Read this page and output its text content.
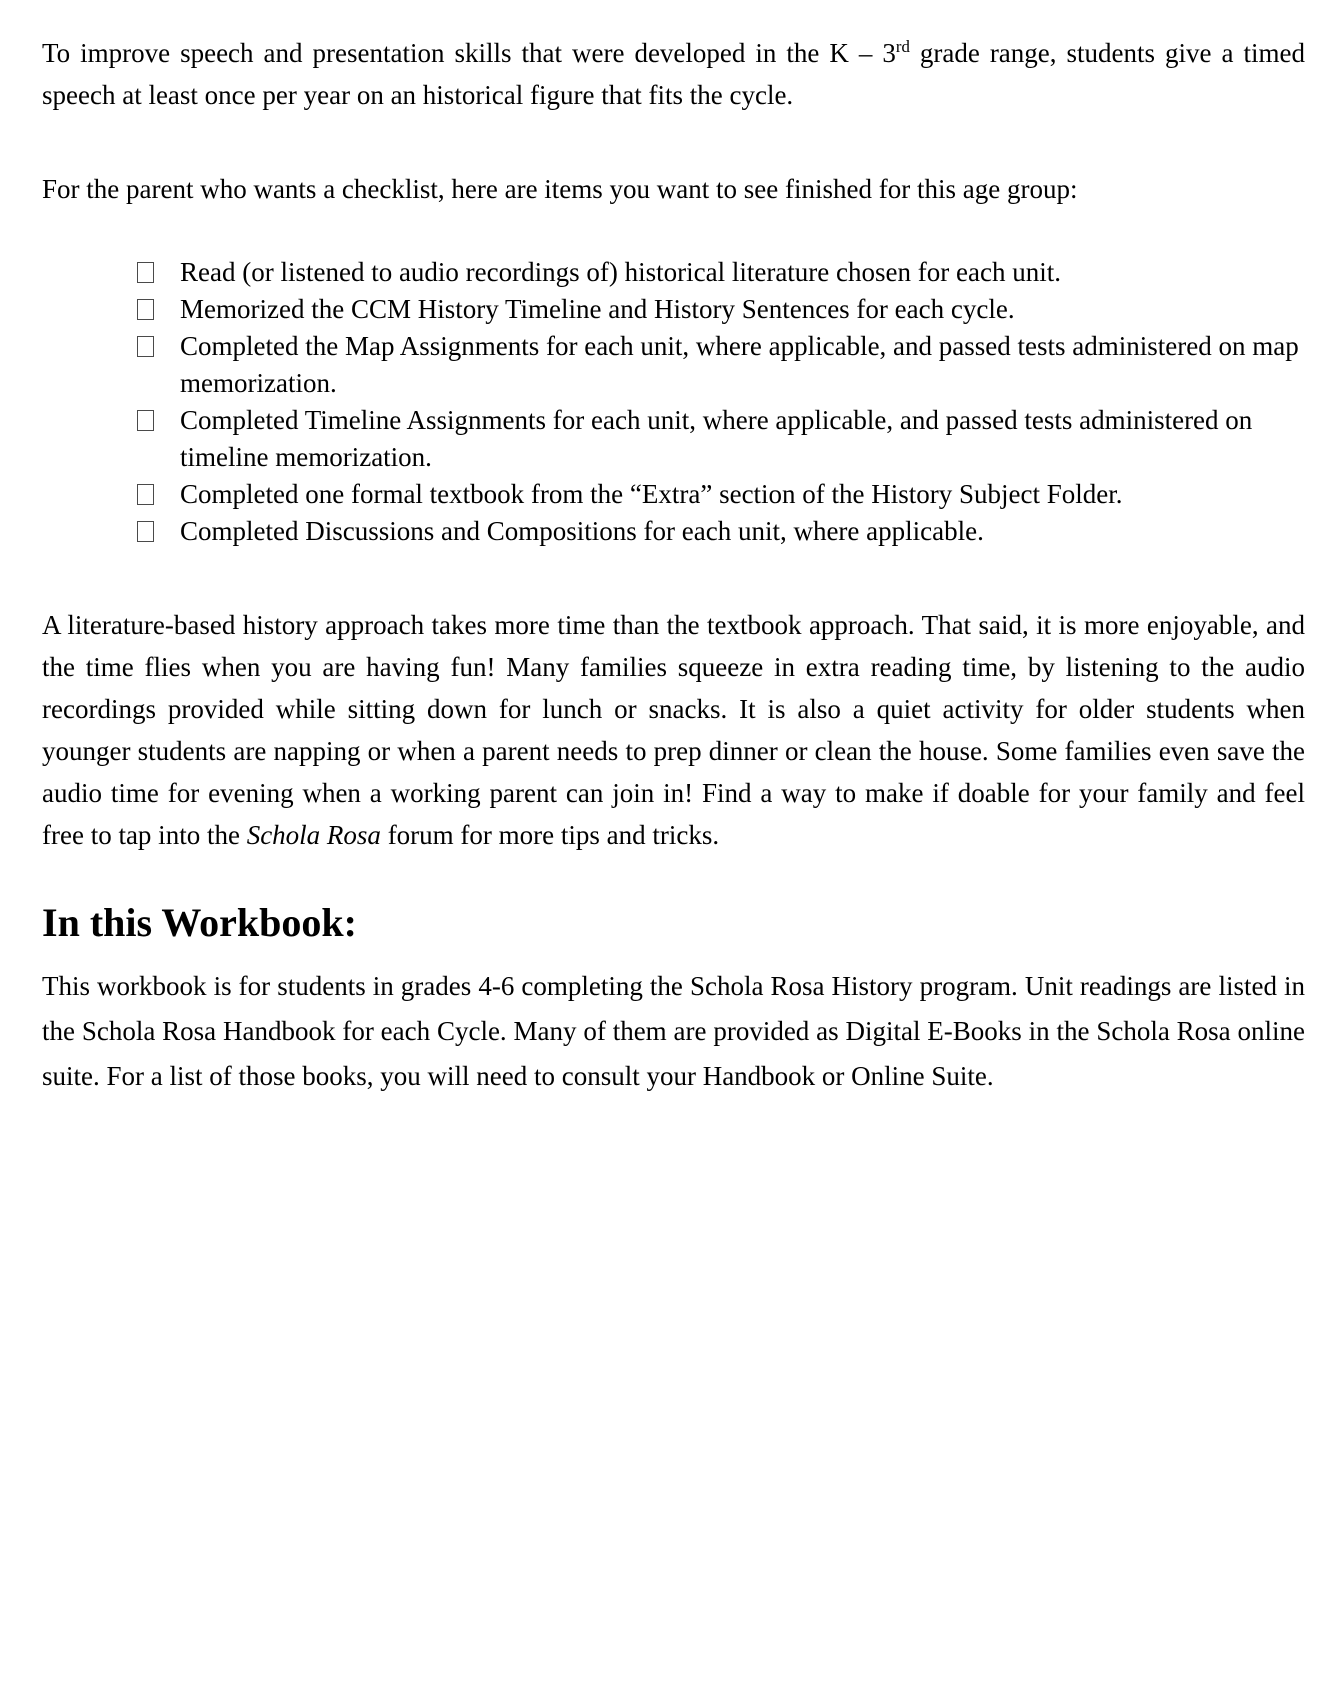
To improve speech and presentation skills that were developed in the K – 3rd grade range, students give a timed speech at least once per year on an historical figure that fits the cycle.

For the parent who wants a checklist, here are items you want to see finished for this age group:

Read (or listened to audio recordings of) historical literature chosen for each unit.
Memorized the CCM History Timeline and History Sentences for each cycle.
Completed the Map Assignments for each unit, where applicable, and passed tests administered on map memorization.
Completed Timeline Assignments for each unit, where applicable, and passed tests administered on timeline memorization.
Completed one formal textbook from the “Extra” section of the History Subject Folder.
Completed Discussions and Compositions for each unit, where applicable.

A literature-based history approach takes more time than the textbook approach. That said, it is more enjoyable, and the time flies when you are having fun! Many families squeeze in extra reading time, by listening to the audio recordings provided while sitting down for lunch or snacks. It is also a quiet activity for older students when younger students are napping or when a parent needs to prep dinner or clean the house. Some families even save the audio time for evening when a working parent can join in! Find a way to make if doable for your family and feel free to tap into the Schola Rosa forum for more tips and tricks.

In this Workbook:

This workbook is for students in grades 4-6 completing the Schola Rosa History program. Unit readings are listed in the Schola Rosa Handbook for each Cycle. Many of them are provided as Digital E-Books in the Schola Rosa online suite. For a list of those books, you will need to consult your Handbook or Online Suite.
